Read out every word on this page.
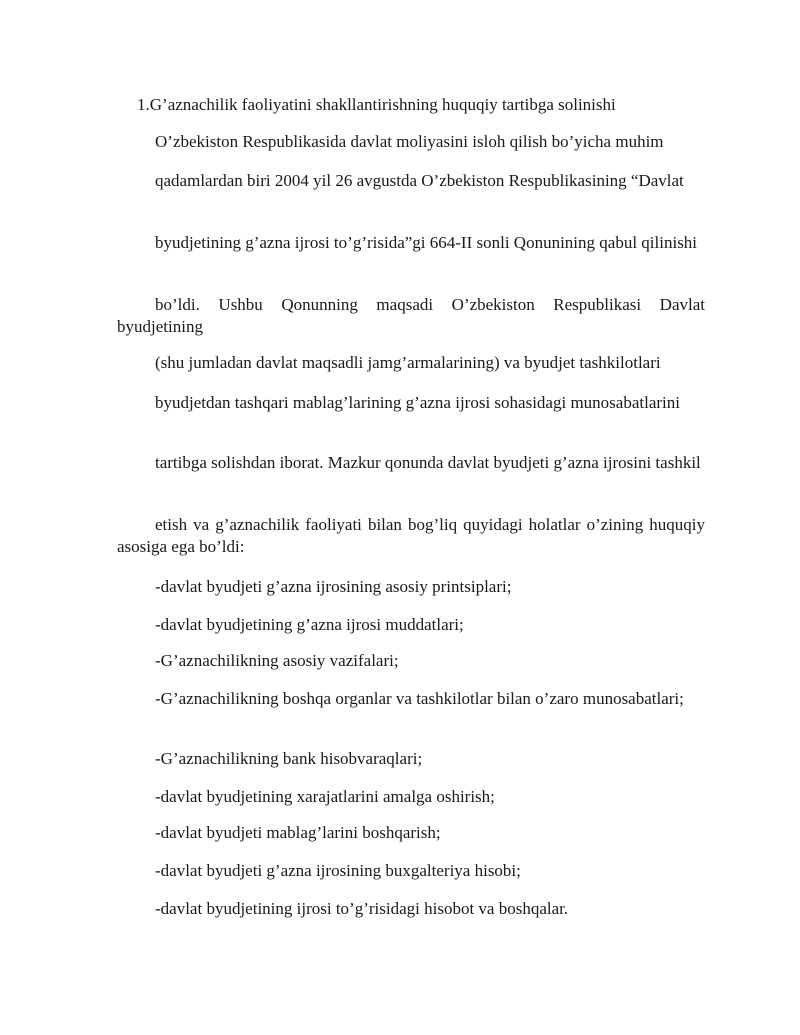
1.G’aznachilik faoliyatini shakllantirishning huquqiy tartibga solinishi
O’zbekiston Respublikasida davlat moliyasini isloh qilish bo’yicha muhim
qadamlardan biri 2004 yil 26 avgustda O’zbekiston Respublikasining “Davlat
byudjetining g’azna ijrosi to’g’risida”gi 664-II sonli Qonunining qabul qilinishi
bo’ldi. Ushbu Qonunning maqsadi O’zbekiston Respublikasi Davlat byudjetining
(shu jumladan davlat maqsadli jamg’armalarining) va byudjet tashkilotlari
byudjetdan tashqari mablag’larining g’azna ijrosi sohasidagi munosabatlarini
tartibga solishdan iborat. Mazkur qonunda davlat byudjeti g’azna ijrosini tashkil
etish va g’aznachilik faoliyati bilan bog’liq quyidagi holatlar o’zining huquqiy asosiga ega bo’ldi:
-davlat byudjeti g’azna ijrosining asosiy printsiplari;
-davlat byudjetining g’azna ijrosi muddatlari;
-G’aznachilikning asosiy vazifalari;
-G’aznachilikning boshqa organlar va tashkilotlar bilan o’zaro munosabatlari;
-G’aznachilikning bank hisobvaraqlari;
-davlat byudjetining xarajatlarini amalga oshirish;
-davlat byudjeti mablag’larini boshqarish;
-davlat byudjeti g’azna ijrosining buxgalteriya hisobi;
-davlat byudjetining ijrosi to’g’risidagi hisobot va boshqalar.
